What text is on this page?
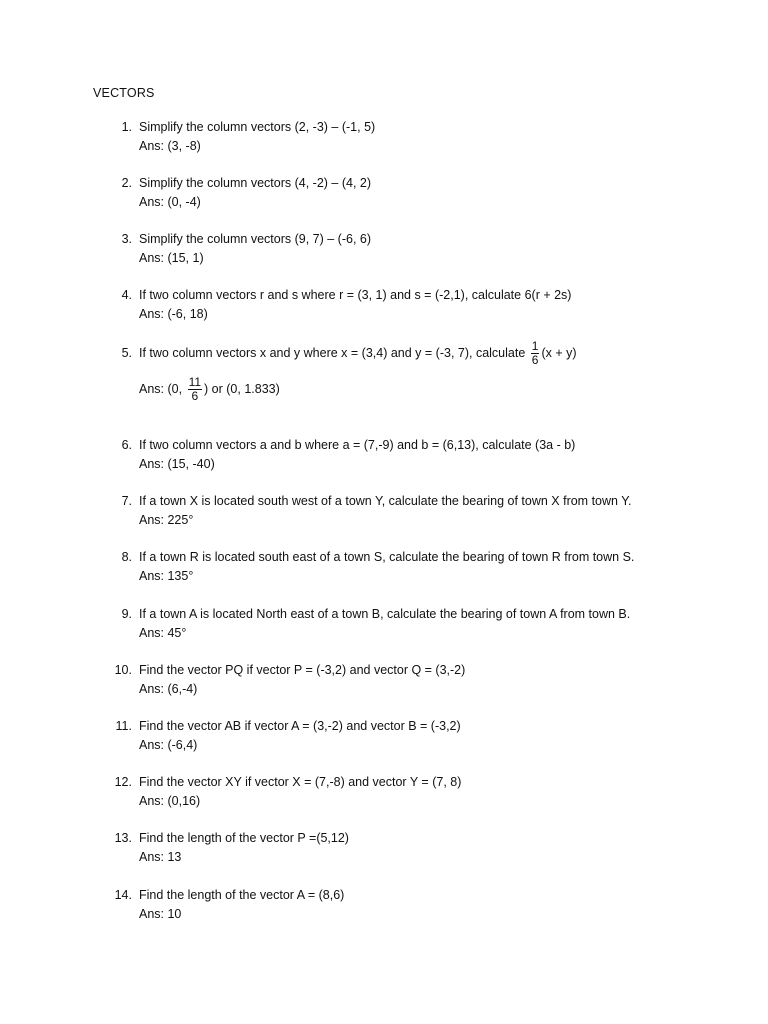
VECTORS
1 . Simplify the column vectors (2, -3) – (-1, 5)
Ans: (3, -8)
2 . Simplify the column vectors (4, -2) – (4, 2)
Ans: (0, -4)
3 . Simplify the column vectors (9, 7) – (-6, 6)
Ans: (15, 1)
4 . If two column vectors r and s where r = (3, 1) and s = (-2,1), calculate 6(r + 2s)
Ans: (-6, 18)
5 . If two column vectors x and y where x = (3,4) and y = (-3, 7), calculate $\frac{1}{6} (x + y)$
Ans: (0, $\frac{11}{6}$ ) or (0, 1.833)
6 . If two column vectors a and b where a = (7,-9) and b = (6,13), calculate (3a - b)
Ans: (15, -40)
7 . If a town X is located south west of a town Y, calculate the bearing of town X from town Y.
Ans: 225°
8 . If a town R is located south east of a town S, calculate the bearing of town R from town S.
Ans: 135°
9 . If a town A is located North east of a town B, calculate the bearing of town A from town B.
Ans: 45°
10 . Find the vector PQ if vector P = (-3,2) and vector Q = (3,-2)
Ans: (6,-4)
11 . Find the vector AB if vector A = (3,-2) and vector B = (-3,2)
Ans: (-6,4)
12 . Find the vector XY if vector X = (7,-8) and vector Y = (7, 8)
Ans: (0,16)
13 . Find the length of the vector P =(5,12)
Ans: 13
14 . Find the length of the vector A = (8,6)
Ans: 10
